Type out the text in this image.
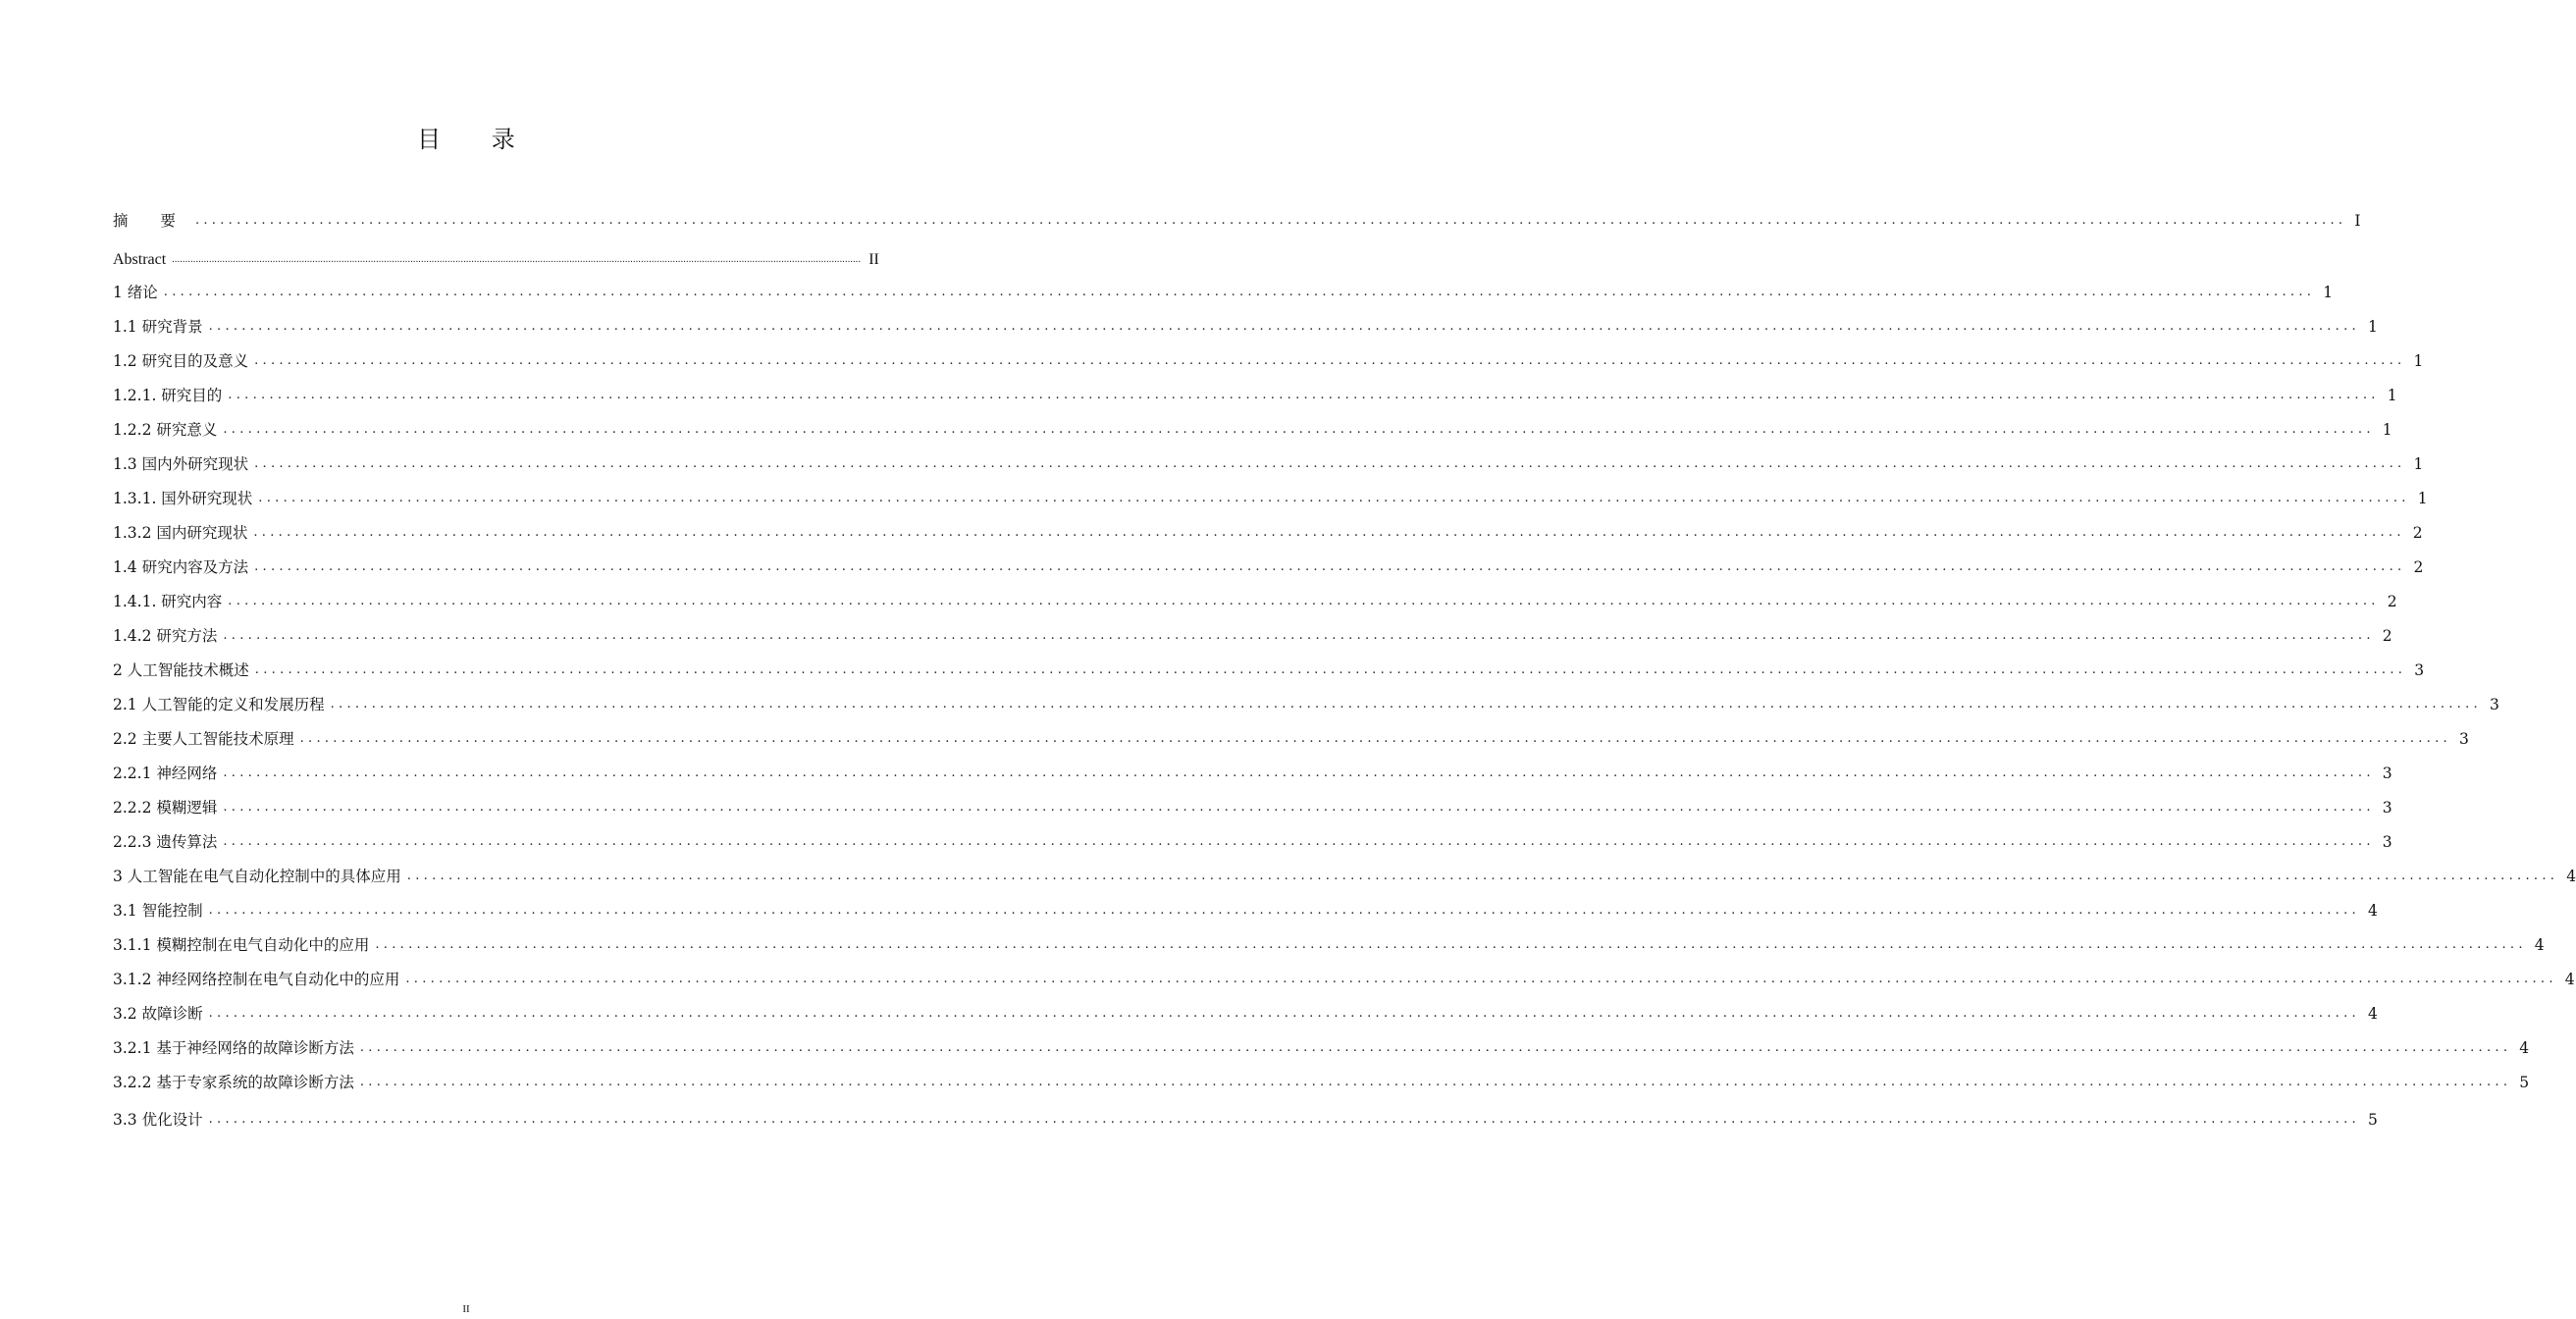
目 录
摘 要 .................................................................................................................................................................................................................................................................... I
Abstract .................................................................................................................................................................................................................................................................... II
1 绪论 .................................................................................................................................................................................................................................................................... 1
1.1 研究背景 .................................................................................................................................................................................................................................................................... 1
1.2 研究目的及意义 .................................................................................................................................................................................................................................................................... 1
1.2.1. 研究目的 .................................................................................................................................................................................................................................................................... 1
1.2.2 研究意义 .................................................................................................................................................................................................................................................................... 1
1.3 国内外研究现状 .................................................................................................................................................................................................................................................................... 1
1.3.1. 国外研究现状 .................................................................................................................................................................................................................................................................... 1
1.3.2 国内研究现状 .................................................................................................................................................................................................................................................................... 2
1.4 研究内容及方法 .................................................................................................................................................................................................................................................................... 2
1.4.1. 研究内容 .................................................................................................................................................................................................................................................................... 2
1.4.2 研究方法 .................................................................................................................................................................................................................................................................... 2
2 人工智能技术概述 .................................................................................................................................................................................................................................................................... 3
2.1 人工智能的定义和发展历程 .................................................................................................................................................................................................................................................................... 3
2.2 主要人工智能技术原理 .................................................................................................................................................................................................................................................................... 3
2.2.1 神经网络 .................................................................................................................................................................................................................................................................... 3
2.2.2 模糊逻辑 .................................................................................................................................................................................................................................................................... 3
2.2.3 遗传算法 .................................................................................................................................................................................................................................................................... 3
3 人工智能在电气自动化控制中的具体应用 .................................................................................................................................................................................................................................................................... 4
3.1 智能控制 .................................................................................................................................................................................................................................................................... 4
3.1.1 模糊控制在电气自动化中的应用 .................................................................................................................................................................................................................................................................... 4
3.1.2 神经网络控制在电气自动化中的应用 .................................................................................................................................................................................................................................................................... 4
3.2 故障诊断 .................................................................................................................................................................................................................................................................... 4
3.2.1 基于神经网络的故障诊断方法 .................................................................................................................................................................................................................................................................... 4
3.2.2 基于专家系统的故障诊断方法 .................................................................................................................................................................................................................................................................... 5
3.3 优化设计 .................................................................................................................................................................................................................................................................... 5
II
